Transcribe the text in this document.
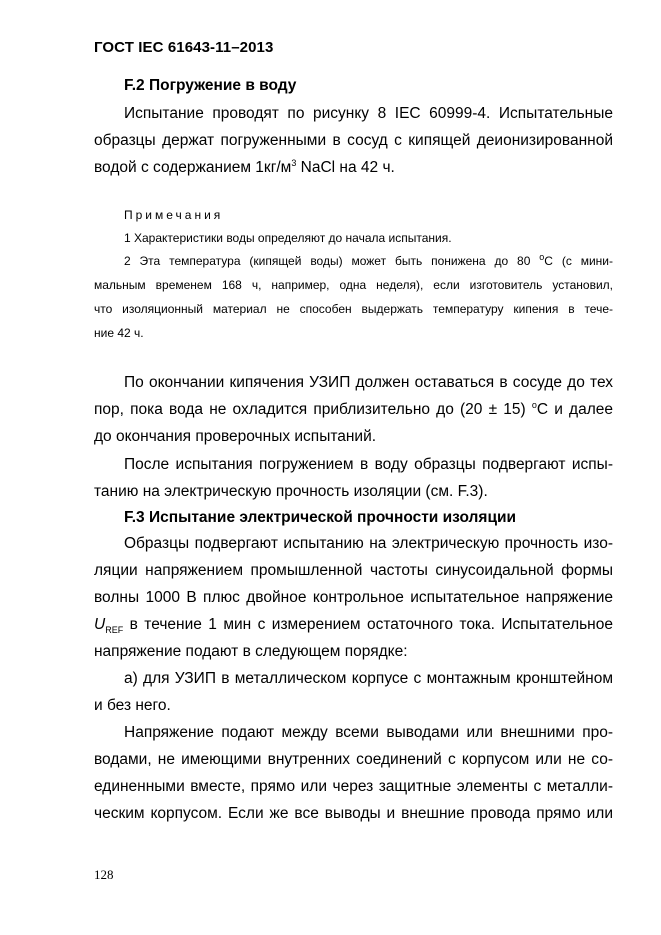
ГОСТ IEC 61643-11–2013
F.2 Погружение в воду
Испытание проводят по рисунку 8 IEC 60999-4. Испытательные
образцы держат погруженными в сосуд с кипящей деионизированной
водой с содержанием $1кг/м^3$ NaCl на 42 ч.
Примечания
1 Характеристики воды определяют до начала испытания.
2 Эта температура (кипящей воды) может быть понижена до 80 $^o$C (с мини-
мальным временем 168 ч, например, одна неделя), если изготовитель установил,
что изоляционный материал не способен выдержать температуру кипения в тече-
ние 42 ч.
По окончании кипячения УЗИП должен оставаться в сосуде до тех
пор, пока вода не охладится приблизительно до (20 ± 15) $^o$C и далее
до окончания проверочных испытаний.
После испытания погружением в воду образцы подвергают испы-
танию на электрическую прочность изоляции (см. F.3).
F.3 Испытание электрической прочности изоляции
Образцы подвергают испытанию на электрическую прочность изо-
ляции напряжением промышленной частоты синусоидальной формы
волны 1000 В плюс двойное контрольное испытательное напряжение
$U_{REF}$ в течение 1 мин с измерением остаточного тока. Испытательное
напряжение подают в следующем порядке:
а) для УЗИП в металлическом корпусе с монтажным кронштейном
и без него.
Напряжение подают между всеми выводами или внешними про-
водами, не имеющими внутренних соединений с корпусом или не со-
единенными вместе, прямо или через защитные элементы с металли-
ческим корпусом. Если же все выводы и внешние провода прямо или
128
